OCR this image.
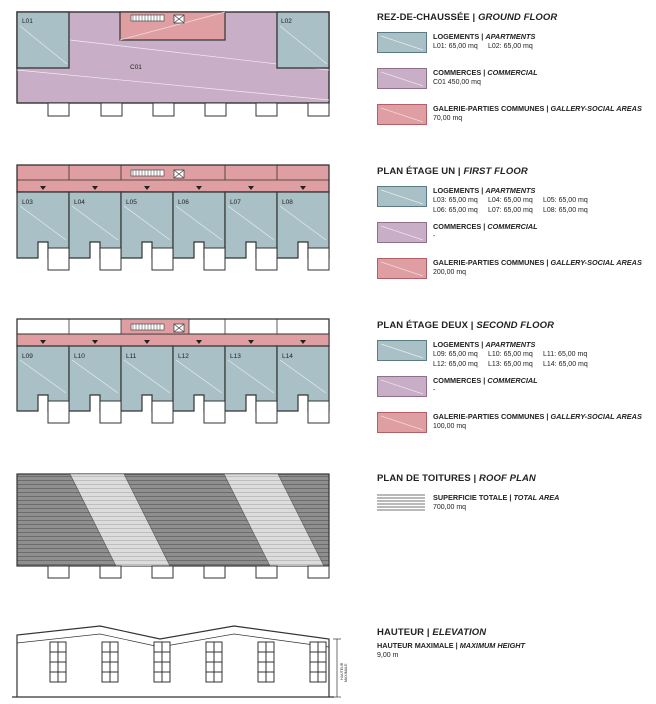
L01	L02
C01
L03	L04	L05	L06	L07	L08
L09	L10	L11	L12	L13	L14
HAUTEUR MAXIMALE
REZ-DE-CHAUSSÉE | GROUND FLOOR
LOGEMENTS | APARTMENTS
L01: 65,00 mq	L02: 65,00 mq
COMMERCES | COMMERCIAL
C01 450,00 mq
GALERIE-PARTIES COMMUNES | GALLERY-SOCIAL AREAS
70,00 mq
PLAN ÉTAGE UN | FIRST FLOOR
LOGEMENTS | APARTMENTS
L03: 65,00 mq	L04: 65,00 mq	L05: 65,00 mq
L06: 65,00 mq	L07: 65,00 mq	L08: 65,00 mq
COMMERCES | COMMERCIAL
-
GALERIE-PARTIES COMMUNES | GALLERY-SOCIAL AREAS
200,00 mq
PLAN ÉTAGE DEUX | SECOND FLOOR
LOGEMENTS | APARTMENTS
L09: 65,00 mq	L10: 65,00 mq	L11: 65,00 mq
L12: 65,00 mq	L13: 65,00 mq	L14: 65,00 mq
COMMERCES | COMMERCIAL
-
GALERIE-PARTIES COMMUNES | GALLERY-SOCIAL AREAS
100,00 mq
PLAN DE TOITURES | ROOF PLAN
SUPERFICIE TOTALE | TOTAL AREA
700,00 mq
HAUTEUR | ELEVATION
HAUTEUR MAXIMALE | MAXIMUM HEIGHT
9,00 m
